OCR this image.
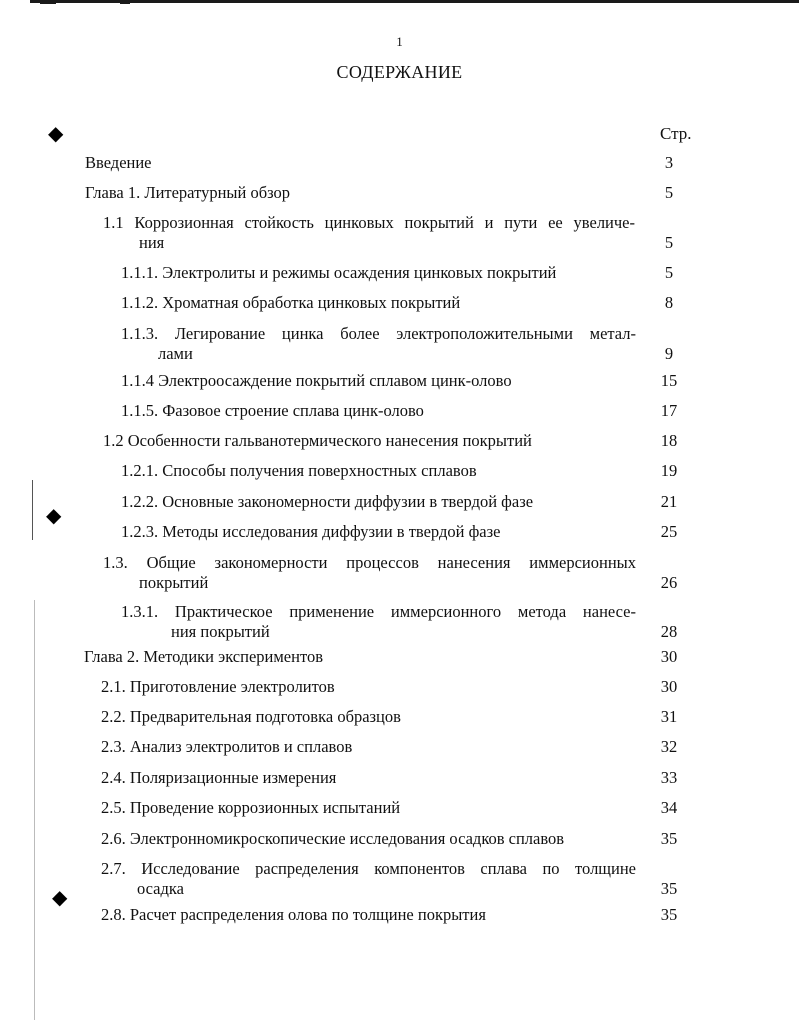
◆
◆
◆
1
СОДЕРЖАНИЕ
Стр.
Введение	3
Глава 1. Литературный обзор	5
1.1 Коррозионная стойкость цинковых покрытий и пути ее увеличе-
ния	5
1.1.1. Электролиты и режимы осаждения цинковых покрытий	5
1.1.2. Хроматная обработка цинковых покрытий	8
1.1.3. Легирование цинка более электроположительными метал-
лами	9
1.1.4 Электроосаждение покрытий сплавом цинк-олово	15
1.1.5. Фазовое строение сплава цинк-олово	17
1.2 Особенности гальванотермического нанесения покрытий	18
1.2.1. Способы получения поверхностных сплавов	19
1.2.2. Основные закономерности диффузии в твердой фазе	21
1.2.3. Методы исследования диффузии в твердой фазе	25
1.3. Общие закономерности процессов нанесения иммерсионных
покрытий	26
1.3.1. Практическое применение иммерсионного метода нанесе-
ния покрытий	28
Глава 2. Методики экспериментов	30
2.1. Приготовление электролитов	30
2.2. Предварительная подготовка образцов	31
2.3. Анализ электролитов и сплавов	32
2.4. Поляризационные измерения	33
2.5. Проведение коррозионных испытаний	34
2.6. Электронномикроскопические исследования осадков сплавов	35
2.7. Исследование распределения компонентов сплава по толщине
осадка	35
2.8. Расчет распределения олова по толщине покрытия	35
